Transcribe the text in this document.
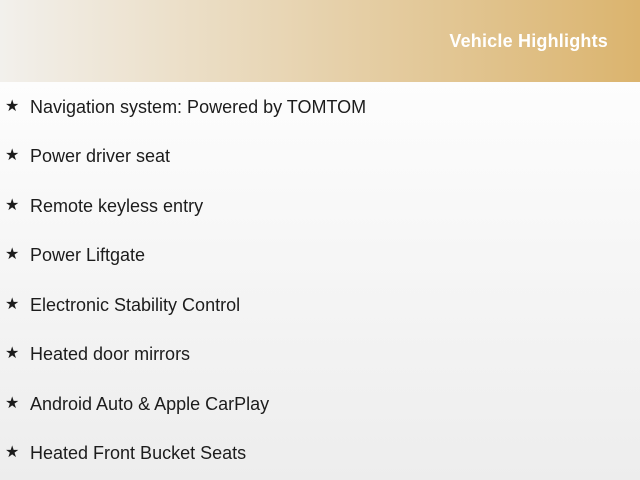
Vehicle Highlights
★ Navigation system: Powered by TOMTOM
★ Power driver seat
★ Remote keyless entry
★ Power Liftgate
★ Electronic Stability Control
★ Heated door mirrors
★ Android Auto & Apple CarPlay
★ Heated Front Bucket Seats
